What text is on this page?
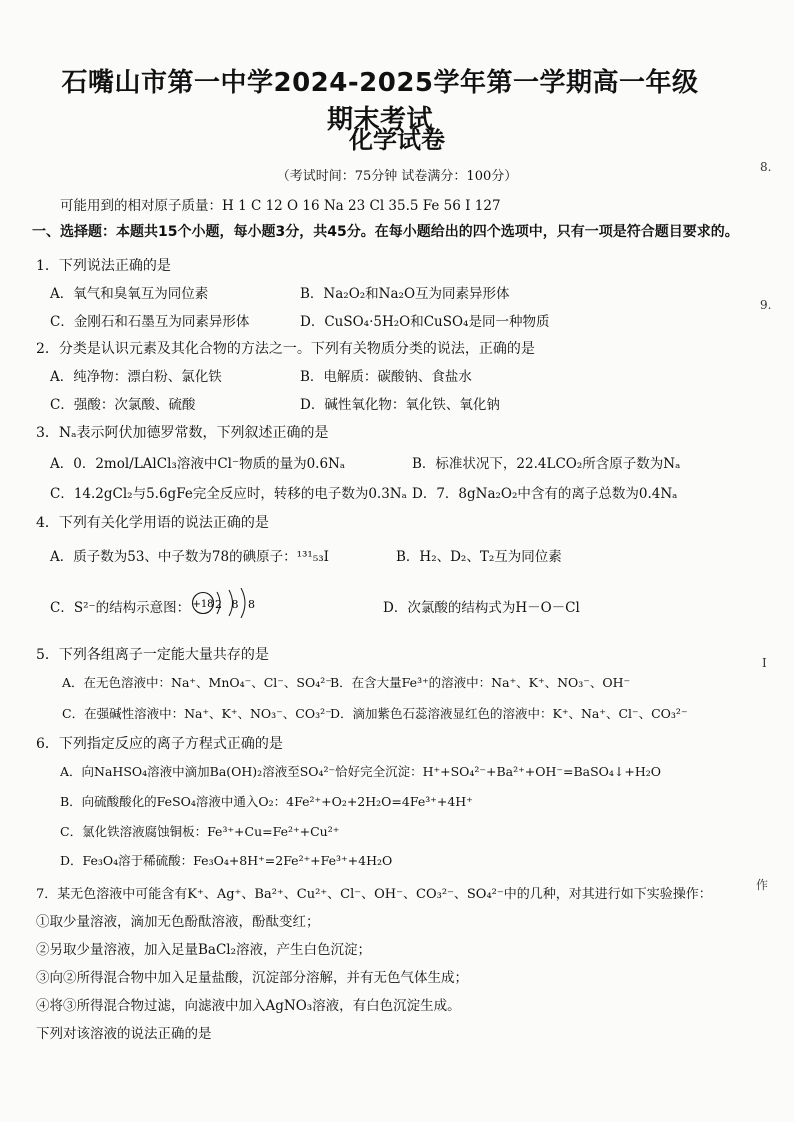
石嘴山市第一中学2024-2025学年第一学期高一年级期末考试
化学试卷
（考试时间：75分钟 试卷满分：100分）
可能用到的相对原子质量：H 1 C 12 O 16 Na 23 Cl 35.5 Fe 56 I 127
一、选择题：本题共15个小题，每小题3分，共45分。在每小题给出的四个选项中，只有一项是符合题目要求的。
8.
9.
I
作
1．下列说法正确的是
A．氧气和臭氧互为同位素	B．Na₂O₂和Na₂O互为同素异形体
C．金刚石和石墨互为同素异形体	D．CuSO₄·5H₂O和CuSO₄是同一种物质
2．分类是认识元素及其化合物的方法之一。下列有关物质分类的说法，正确的是
A．纯净物：漂白粉、氯化铁	B．电解质：碳酸钠、食盐水
C．强酸：次氯酸、硫酸	D．碱性氧化物：氧化铁、氧化钠
3．Nₐ表示阿伏加德罗常数，下列叙述正确的是
A．0．2mol/LAlCl₃溶液中Cl⁻物质的量为0.6Nₐ	B．标准状况下，22.4LCO₂所含原子数为Nₐ
C．14.2gCl₂与5.6gFe完全反应时，转移的电子数为0.3Nₐ D．7．8gNa₂O₂中含有的离子总数为0.4Nₐ
4．下列有关化学用语的说法正确的是
A．质子数为53、中子数为78的碘原子：¹³¹₅₃I	B．H₂、D₂、T₂互为同位素
C．S²⁻的结构示意图： +18 2 8 8	D．次氯酸的结构式为H－O－Cl
5．下列各组离子一定能大量共存的是
A．在无色溶液中：Na⁺、MnO₄⁻、Cl⁻、SO₄²⁻
B．在含大量Fe³⁺的溶液中：Na⁺、K⁺、NO₃⁻、OH⁻
C．在强碱性溶液中：Na⁺、K⁺、NO₃⁻、CO₃²⁻
D．滴加紫色石蕊溶液显红色的溶液中：K⁺、Na⁺、Cl⁻、CO₃²⁻
6．下列指定反应的离子方程式正确的是
A．向NaHSO₄溶液中滴加Ba(OH)₂溶液至SO₄²⁻恰好完全沉淀：H⁺+SO₄²⁻+Ba²⁺+OH⁻=BaSO₄↓+H₂O
B．向硫酸酸化的FeSO₄溶液中通入O₂：4Fe²⁺+O₂+2H₂O=4Fe³⁺+4H⁺
C．氯化铁溶液腐蚀铜板：Fe³⁺+Cu=Fe²⁺+Cu²⁺
D．Fe₃O₄溶于稀硫酸：Fe₃O₄+8H⁺=2Fe²⁺+Fe³⁺+4H₂O
7．某无色溶液中可能含有K⁺、Ag⁺、Ba²⁺、Cu²⁺、Cl⁻、OH⁻、CO₃²⁻、SO₄²⁻中的几种，对其进行如下实验操作：
①取少量溶液，滴加无色酚酞溶液，酚酞变红；
②另取少量溶液，加入足量BaCl₂溶液，产生白色沉淀；
③向②所得混合物中加入足量盐酸，沉淀部分溶解，并有无色气体生成；
④将③所得混合物过滤，向滤液中加入AgNO₃溶液，有白色沉淀生成。
下列对该溶液的说法正确的是
